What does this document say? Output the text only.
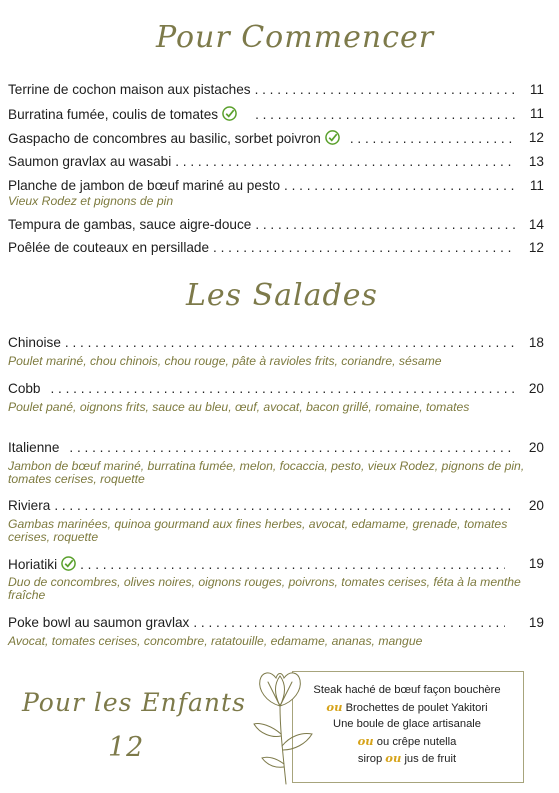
Pour Commencer
Les Salades
Pour les Enfants
12
Terrine de cochon maison aux pistaches . . .	11
Burratina fumée, coulis de tomates . . .	11
Gaspacho de concombres au basilic, sorbet poivron . . .	12
Saumon gravlax au wasabi . . .	13
Planche de jambon de bœuf mariné au pesto . . .	11
Vieux Rodez et pignons de pin
Tempura de gambas, sauce aigre-douce . . .	14
Poêlée de couteaux en persillade . . .	12
Chinoise . . .	18
Poulet mariné, chou chinois, chou rouge, pâte à ravioles frits, coriandre, sésame
Cobb . . .	20
Poulet pané, oignons frits, sauce au bleu, œuf, avocat, bacon grillé, romaine, tomates
Italienne . . .	20
Jambon de bœuf mariné, burratina fumée, melon, focaccia, pesto, vieux Rodez, pignons de pin, tomates cerises, roquette
Riviera . . .	20
Gambas marinées, quinoa gourmand aux fines herbes, avocat, edamame, grenade, tomates cerises, roquette
Horiatiki . . .	19
Duo de concombres, olives noires, oignons rouges, poivrons, tomates cerises, féta à la menthe fraîche
Poke bowl au saumon gravlax . . .	19
Avocat, tomates cerises, concombre, ratatouille, edamame, ananas, mangue
Steak haché de bœuf façon bouchère
ou Brochettes de poulet Yakitori
Une boule de glace artisanale
ou ou crêpe nutella
sirop ou jus de fruit
